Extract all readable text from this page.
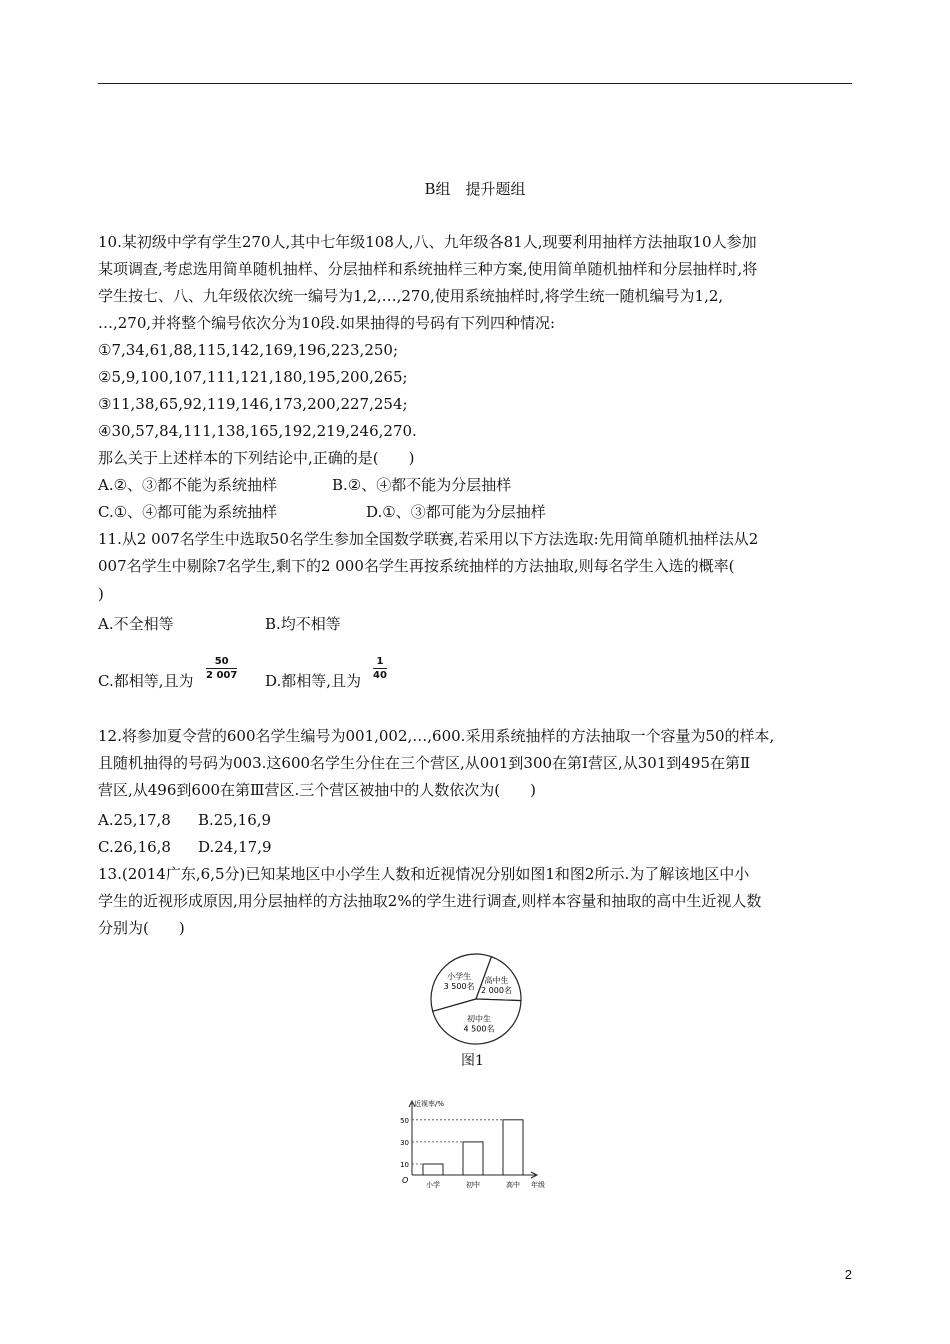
B组　提升题组
10.某初级中学有学生270人,其中七年级108人,八、九年级各81人,现要利用抽样方法抽取10人参加
某项调查,考虑选用简单随机抽样、分层抽样和系统抽样三种方案,使用简单随机抽样和分层抽样时,将
学生按七、八、九年级依次统一编号为1,2,…,270,使用系统抽样时,将学生统一随机编号为1,2,
…,270,并将整个编号依次分为10段.如果抽得的号码有下列四种情况:
①7,34,61,88,115,142,169,196,223,250;
②5,9,100,107,111,121,180,195,200,265;
③11,38,65,92,119,146,173,200,227,254;
④30,57,84,111,138,165,192,219,246,270.
那么关于上述样本的下列结论中,正确的是(　　)
A.②、③都不能为系统抽样	B.②、④都不能为分层抽样
C.①、④都可能为系统抽样	D.①、③都可能为分层抽样
11.从2 007名学生中选取50名学生参加全国数学联赛,若采用以下方法选取:先用简单随机抽样法从2
007名学生中剔除7名学生,剩下的2 000名学生再按系统抽样的方法抽取,则每名学生入选的概率(
)
A.不全相等	B.均不相等
C.都相等,且为
50
2 007 D.都相等,且为
1
40
12.将参加夏令营的600名学生编号为001,002,…,600.采用系统抽样的方法抽取一个容量为50的样本,
且随机抽得的号码为003.这600名学生分住在三个营区,从001到300在第Ⅰ营区,从301到495在第Ⅱ
营区,从496到600在第Ⅲ营区.三个营区被抽中的人数依次为(　　)
A.25,17,8 B.25,16,9
C.26,16,8 D.24,17,9
13.(2014广东,6,5分)已知某地区中小学生人数和近视情况分别如图1和图2所示.为了解该地区中小
学生的近视形成原因,用分层抽样的方法抽取2%的学生进行调查,则样本容量和抽取的高中生近视人数
分别为(　　)
小学生
3 500名
高中生
2 000名
初中生
4 500名
图1
近视率/%
年级
O
10
小学
30
初中
50
高中
2
